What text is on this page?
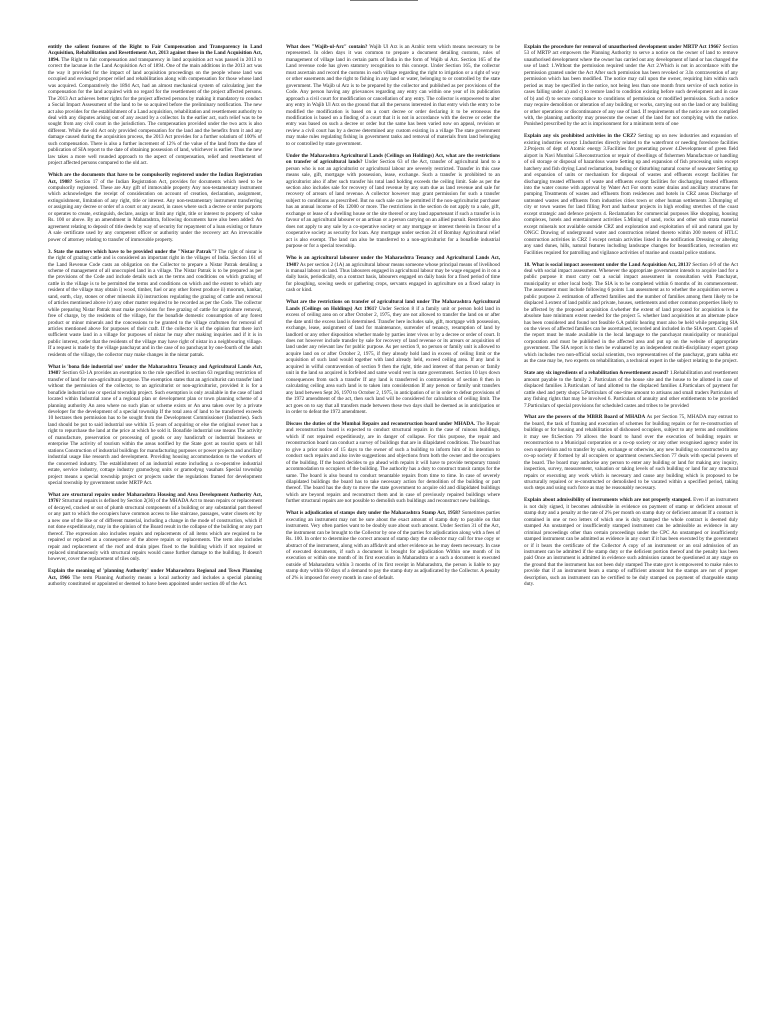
entitly the salient features of the Right to Fair Compensation and Transparency in Land Acquisition, Rehabilitation and Resettlement Act, 2013 against those in the Land Acquisition Act, 1894. The Right to fair compensation and transparency in land acquisition act was passed in 2013 to correct the lacunae in the Land Acquisition Act of 1894. One of the main additions in the 2013 act was the way it provided for the impact of land acquisition proceedings on the people whose land was occupied and envisaged proper relief and rehabilitation along with compensation for those whose land was acquired. Comparatively the 1894 Act, had an almost mechanical system of calculating just the compensation for the land acquired with no regard for the resettlement of the project affected persons. The 2013 Act achieves better rights for the project affected persons by making it mandatory to conduct a Social Impact Assessment of the land to be so acquired before the preliminary notification. The new act also provides for the establishment of a Land acquisition, rehabilitation and resettlement authority to deal with any disputes arising out of any award by a collector. In the earlier act, such relief was to be sought from any civil court in the jurisdiction. The compensation provided under the two acts is also different. While the old Act only provided compensation for the land and the benefits from it and any damage caused during the acquisition process, the 2013 Act provides for a further solatium of 100% of such compensation. There is also a further increment of 12% of the value of the land from the date of publication of SIA report to the date of obtaining possession of land, whichever is earlier. Thus the new law takes a more well rounded approach to the aspect of compensation, relief and resettlement of project affected persons compared to the old act.

Which are the documents that have to be compulsorily registered under the Indian Registration Act, 1908? Section 17 of the Indian Registration Act, provides for documents which need to be compulsorily registered. These are Any gift of immovable property Any non-testamentary instrument which acknowledges the receipt of consideration on account of creation, declaration, assignment, extinguishment, limitation of any right, title or interest. Any non-testamentary instrument transferring or assigning any decree or order of a court or any award, in cases where such a decree or order purports or operates to create, extinguish, declare, assign or limit any right, title or interest to property of value Rs. 100 or above. By an amendment in Maharashtra, following documents have also been added: An agreement relating to deposit of title deeds by way of security for repayment of a loan existing or future A sale certificate used by any competent officer or authority under the recovery act An irrevocable power of attorney relating to transfer of immovable property.

3. State the matters which have to be provided under the "Nistar Patrak"? The right of nistar is the right of grazing cattle and is considered an important right in the villages of India. Section 161 of the Land Revenue Code casts an obligation on the Collector to prepare a Nistar Patrak detailing a scheme of management of all unoccupied land in a village. The Nistar Patrak is to be prepared as per the provisions of the Code and include details such as the terms and conditions on which grazing of cattle in the village is to be permitted the terms and conditions on which and the extent to which any resident of the village may obtain i) wood, timber, fuel or any other forest produce ii) moorum, kankar, sand, earth, clay, stones or other minerals iii) instructions regulating the grazing of cattle and removal of articles mentioned above iv) any other matter required to be recorded as per the Code. The collector while preparing Nistar Patrak must make provisions for free grazing of cattle for agriculture removal, free of charge, by the residents of the village, for the bonafide domestic consumption of any forest product or minor minerals and the concessions to be granted to the village craftsmen for removal of articles mentioned above for purposes of their craft. If the collector is of the opinion that there isn't sufficient waste land in a village for purposes of nistar he may after making inquiries and if it is in public interest, order that the residents of the village may have right of nistar in a neighbouring village. If a request is made by the village panchayat and in the case of no panchayat by one-fourth of the adult residents of the village, the collector may make changes in the nistar patrak.

What is 'bona fide industrial use' under the Maharashtra Tenancy and Agricultural Lands Act, 1948? Section 63-1A provides an exemption to the rule specified in section 63 regarding restriction of transfer of land for non-agricultural purpose. The exemption states that an agriculturist can transfer land without the permission of the collector, to an agriculturist or non-agriculturist, provided it is for a bonafide industrial use or special township project. Such exemption is only available in the case of land located within Industrial zone of a regional plan or development plan or town planning scheme of a planning authority An area where no such plan or scheme exists or An area taken over by a private developer for the development of a special township If the total area of land to be transferred exceeds 10 hectares then permission has to be sought from the Development Commissioner (Industries). Such land should be put to said industrial use within 15 years of acquiring or else the original owner has a right to repurchase the land at the price at which he sold it. Bonafide industrial use means The activity of manufacture, preservation or processing of goods or any handicraft or industrial business or enterprise The activity of tourism within the areas notified by the State govt as tourist spots or hill stations Construction of industrial buildings for manufacturing purposes or power projects and ancillary industrial usage like research and development. Providing housing accommodation to the workers of the concerned industry. The establishment of an industrial estate including a co-operative industrial estate, service industry, cottage industry gramodyog units or gramodyog vasahats Special township project means a special township project or projects under the regulations framed for development special township by government under MRTP Act.

What are structural repairs under Maharashtra Housing and Area Development Authority Act, 1976? Structural repairs is defined by Section 2(36) of the MHADA Act to mean repairs or replacement of decayed, cracked or out of plumb structural components of a building or any substantial part thereof or any part to which the occupiers have common access to like staircase, passages, water closets etc by a new one of the like or of different material, including a change in the mode of construction, which if not done expeditiously, may in the opinion of the Board result in the collapse of the building or any part thereof. The expression also includes repairs and replacements of all items which are required to be repaired or replaced as a consequence of the above repairs or replacements. The term also includes repair and replacement of the roof and drain pipes fixed to the building which if not repaired or replaced simultaneously with structural repairs would cause further damage to the building. It doesn't however, cover the replacement of tiles only.

Explain the meaning of 'planning Authority' under Maharashtra Regional and Town Planning Act, 1966 The term Planning Authority means a local authority and includes a special planning authority constituted or appointed or deemed to have been appointed under section 40 of the Act.

What does "Wajib-ul-Arz" contain? Wajib Ul Arz is an Arabic term which means necessary to be represented. In olden days it was common to prepare a document detailing customs, rules of management of village land in certain parts of India in the form of Wajib ul Arz. Section 165 of the Land revenue code has given statutory recognition to this concept. Under Section 165, the collector must ascertain and record the customs in each village regarding the right to irrigation or a right of way or other easements and the right to fishing in any land or water, belonging to or controlled by the state government. The Wajib ul Arz is to be prepared by the collector and published as per provisions of the Code. Any person having any grievances regarding any entry can within one year of its publication approach a civil court for modification or cancellation of any entry. The collector is empowered to alter any entry in Wajib Ul Arz on the ground that all the persons interested in that entry wish the entry to be modified the modification is based on a court decree or order declaring it to be erroneous the modification is based on a finding of a court that it is not in accordance with the decree or order the entry was based on such a decree or order but the same has been varied now on appeal, revision or review a civil court has by a decree determined any custom existing in a village The state government may make rules regulating fishing in government tanks and removal of materials from land belonging to or controlled by state government.

Under the Maharashtra Agricultural Lands (Ceilings on Holdings) Act, what are the restrictions on transfer of agricultural lands? Under Section 63 of the Act, transfer of agricultural land to a person who is not an agriculturist or agricultural labour are severely restricted. Transfer in this case means sale, gift, mortgage with possession, lease, exchange. Such a transfer is prohibited to an agriculturist also if after such transfer his total land holding exceeds the ceiling limit. Sale as per the section also includes sale for recovery of land revenue by any sum due as land revenue and sale for recovery of arrears of land revenue. A collector however may grant permission for such a transfer subject to conditions as prescribed. But no such sale can be permitted if the non-agriculturist purchaser has an annual income of Rs 12000 or more. The restrictions in the section do not apply to a sale, gift, exchange or lease of a dwelling house or the site thereof or any land appurtenant if such a transfer is in favour of an agricultural labourer or an artisan or a person carrying on an allied pursuit. Restriction also does not apply to any sale by a co-operative society or any mortgage or interest therein in favour of a cooperative society as security for loan. Any mortgage under section 24 of Bombay Agricultural relief act is also exempt. The land can also be transferred to a non-agriculturist for a bonafide industrial purpose or for a special township.

Who is an agricultural labourer under the Maharashtra Tenancy and Agricultural Lands Act, 1948? As per section 2 (1A) an agricultural labour means someone whose principal means of livelihood is manual labour on land. Thus labourers engaged in agricultural labour may be wage engaged in it on a daily basis, periodically, on a contract basis, labourers engaged on daily basis for a fixed period of time for ploughing, sowing seeds or gathering crops, servants engaged in agriculture on a fixed salary in cash or kind.

What are the restrictions on transfer of agricultural land under The Maharashtra Agricultural Lands (Ceilings on Holdings) Act 1961? Under Section 8 if a family unit or person hold land in excess of ceiling area on or after October 2, 1975, they are not allowed to transfer the land on or after the date until the excess land is determined. Transfer here includes sale, gift, mortgage with possession, exchange, lease, assignment of land for maintenance, surrender of tenancy, resumption of land by landlord or any other disposition whether made by parties inter vivos or by a decree or order of court. It does not however include transfer by sale for recovery of land revenue or its arrears or acquisition of land under any relevant law for public purpose. As per section 9, no person or family unit is allowed to acquire land on or after October 2, 1975, if they already hold land in excess of ceiling limit or the acquisition of such land would together with land already held, exceed ceiling area. If any land is acquired in wilful contravention of section 9 then the right, title and interest of that person or family unit in the land so acquired is forfeited and same would vest in state government. Section 10 lays down consequences from such a transfer If any land is transferred in contravention of section 8 then in calculating ceiling area such land is to taken into consideration If any person or family unit transfers any land between Sept 26, 1970 to October 2, 1975, in anticipation of or in order to defeat provisions of the 1972 amendment of the act, then such land will be considered for calculation of ceiling limit. The act goes on to say that all transfers made between these two days shall be deemed as in anticipation or in order to defeat the 1972 amendment.

Discuss the duties of the Mumbai Repairs and reconstruction board under MHADA. The Repair and reconstruction board is expected to conduct structural repairs in the case of ruinous buildings, which if not repaired expeditiously, are in danger of collapse. For this purpose, the repair and reconstruction board can conduct a survey of buildings that are in dilapidated conditions. The board has to give a prior notice of 15 days to the owner of such a building to inform him of its intention to conduct such repairs and also invite suggestions and objections from both the owner and the occupiers of the building. If the board decides to go ahead with repairs it will have to provide temporary transit accommodation to occupiers of the building. The authority has a duty to construct transit camps for the same. The board is also bound to conduct tenantable repairs from time to time. In case of severely dilapidated buildings the board has to take necessary action for demolition of the building or part thereof. The board has the duty to move the state government to acquire old and dilapidated buildings which are beyond repairs and reconstruct them and in case of previously repaired buildings where further structural repairs are not possible to demolish such buildings and reconstruct new buildings.

What is adjudication of stamps duty under the Maharashtra Stamp Act, 1958? Sometimes parties executing an instrument may not be sure about the exact amount of stamp duty to payable on that instrument. Very often parties want to be doubly sure about such amount. Under Section 31 of the Act, the instrument can be brought to the Collector by one of the parties for adjudication along with a fees of Rs. 100. In order to determine the correct amount of stamp duty the collector may call for true copy or abstract of the instrument, along with an affidavit and other evidence as he may deem necessary. In case of executed documents, if such a document is brought for adjudication Within one month of its execution or within one month of its first execution in Maharashtra or a such a document is executed outside of Maharashtra within 3 months of its first receipt in Maharashtra, the person is liable to pay stamp duty within 60 days of a demand to pay the stamp duty as adjudicated by the Collector. A penalty of 2% is imposed for every month in case of default.

Explain the procedure for removal of unauthorised development under MRTP Act 1966? Section 53 of MRTP act empowers the Planning Authority to serve a notice on the owner of land to remove unauthorised development where the owner has carried out any development of land or has changed the use of land: 1.Without the permission required under the Act 2.Which is not in accordance with the permission granted under the Act After such permission has been revoked or 3.In contravention of any permission which has been modified. The notice may call upon the owner, requiring him within such period as may be specified in the notice, not being less than one month from service of such notice in cases falling under a) and c) to restore land to condition existing before such development and in case of b) and d) to secure compliance to conditions of permission or modified permission. Such a notice may require demolition or alteration of any building or works, carrying out on the land or any building or other operations or discontinuance of any use of land. If requirements of the notice are not complied with, the planning authority may prosecute the owner of the land for not complying with the notice. Punished prescribed by the act is imprisonment for a minimum term of one

Explain any six prohibited activities in the CRZ? Setting up on new industries and expansion of existing industries except 1.Industries directly related to the waterfront or needing foreshore facilities 2.Projects of dept of Atomic energy 3.Facilities for generating power 4.Development of green field airport in Navi Mumbai 5.Reconstruction or repair of dwellings of fishermen Manufacture or handling of oil storage or disposal of hazardous waste Setting up and expansion of fish processing units except hatchery and fish drying Land reclamation, bunding or disturbing natural course of seawater Setting up and expansion of units or mechanism for disposal of wastes and effluents except facilities for discharging treated effluents of waste and effluents except facilities for discharging treated effluents into the water course with approval by Water Act For storm water drains and ancillary structures for pumping Treatments of wastes and effluents from residences and hotels in CRZ areas Discharge of untreated wastes and effluents from industries cities town or other human settlements 3.Dumping of city or town wastes for land filling Port and harbour projects in high eroding stretches of the coast except strategic and defence projects 4. Reclamation for commercial purposes like shopping, housing complexes, hotels and entertainment activities 5.Mining of sand, rocks and other sub strata material except minerals not available outside CRZ and exploration and exploitation of oil and natural gas by ONGC Drawing of underground water and construction related thereto within 200 meters of HTLC construction activities in CRZ I except certain activities listed in the notification Dressing or altering any sand dunes, hills, natural features including landscape changes for beautification, recreation etc Facilities required for patrolling and vigilance activities of marine and coastal police stations.

18. What is social impact assessment under the Land Acquisition Act, 2013? Section 4-9 of the Act deal with social impact assessment. Whenever the appropriate government intends to acquire land for a public purpose it must carry out a social impact assessment in consultation with Panchayat, municipality or other local body. The SIA is to be completed within 6 months of its commencement. The assessment must include following 6 points 1.an assessment as to whether the acquisition serves a public purpose 2. estimation of affected families and the number of families among them likely to be displaced 3.extent of land public and private, houses, settlements and other common properties likely to be affected by the proposed acquisition 4.whether the extent of land proposed for acquisition is the absolute bare minimum extent needed for the project 5. whether land acquisition at an alternate place has been considered and found not feasible 6.A public hearing must also be held while preparing SIA on the views of affected families can be ascertained, recorded and included in the SIA report. Copies of the report must be made available in the local language to the panchayat municipality or municipal corporation and must be published in the affected area and put up on the website of appropriate government. The SIA report is to then be evaluated by an independent multi-disciplinary expert group which includes two non-official social scientists, two representatives of the panchayat, gram sabha etc as the case may be, two experts on rehabilitation, a technical expert in the subject relating to the project.

State any six ingredients of a rehabilitation &resettlement award? 1.Rehabilitation and resettlement amount payable to the family 2. Particulars of the house site and the house to be allotted in case of displaced families 3.Particulars of land allotted to the displaced families 4.Particulars of payment for cattle shed and petty shops 5.Particulars of one-time amount to artisans and small traders Particulars of any fishing rights that may be involved 6. Particulars of annuity and other entitlements to be provided 7.Particulars of special provisions for scheduled castes and tribes to be provided

What are the powers of the MBRR Board of MHADA As per Section 75, MHADA may entrust to the board, the task of framing and execution of schemes for building repairs or for re-construction of buildings or for housing and rehabilitation of dishoused occupiers, subject to any terms and conditions it may see fit.Section 79 allows the board to hand over the execution of building repairs or reconstruction to a Municipal corporation or a co-op society or any other recognised agency under its own supervision and to transfer by sale, exchange or otherwise, any new building so constructed to any co-op society if formed by all occupiers or apartment owners.Section 77 deals with special powers of the board. The board may authorise any person to enter any building or land for making any inquiry, inspection, survey, measurement, valuation or taking levels of such building or land for any structural repairs or executing any work which is necessary and cause any building which is proposed to be structurally repaired or re-constructed or demolished to be vacated within a specified period, taking such steps and using such force as may be reasonably necessary.

Explain about admissibility of instruments which are not properly stamped. Even if an instrument is not duly signed, it becomes admissible in evidence on payment of stamp or deficient amount of stamp duty and a penalty at the rate of 2% per month on stamp duty or deficient amount If a contract is contained in one or two letters of which one is duly stamped the whole contract is deemed duly stamped An unstamped or insufficiently stamped instrument can be admissible as evidence in any criminal proceedings other than certain proceedings under the CPC An unstamped or insufficiently stamped instrument can be admitted as evidence in any court if it has been executed by the government or if it bears the certificate of the Collector A copy of an instrument or an oral admission of an instrument can be admitted if the stamp duty or the deficient portion thereof and the penalty has been paid Once an instrument is admitted in evidence such admission cannot be questioned at any stage on the ground that the instrument has not been duly stamped The state govt is empowered to make rules to provide that if an instrument bears a stamp of sufficient amount but the stamps are not of proper description, such an instrument can be certified to be duly stamped on payment of chargeable stamp duty.
